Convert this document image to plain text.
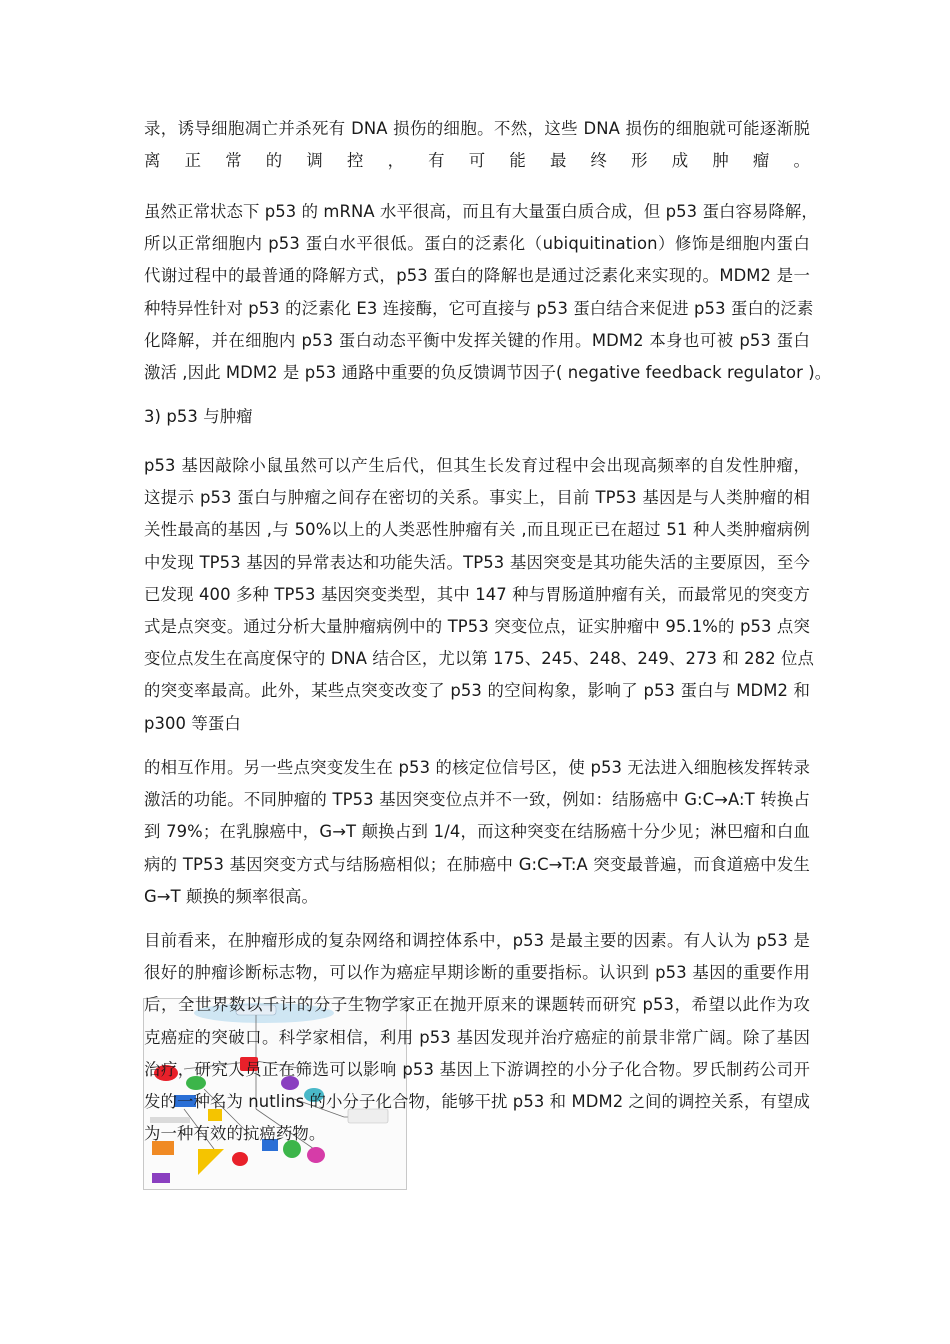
录，诱导细胞凋亡并杀死有 DNA 损伤的细胞。不然，这些 DNA 损伤的细胞就可能逐渐脱
离正常的调控，有可能最终形成肿瘤。
虽然正常状态下 p53 的 mRNA 水平很高，而且有大量蛋白质合成，但 p53 蛋白容易降解，
所以正常细胞内 p53 蛋白水平很低。蛋白的泛素化（ubiquitination）修饰是细胞内蛋白
代谢过程中的最普通的降解方式，p53 蛋白的降解也是通过泛素化来实现的。MDM2 是一
种特异性针对 p53 的泛素化 E3 连接酶，它可直接与 p53 蛋白结合来促进 p53 蛋白的泛素
化降解，并在细胞内 p53 蛋白动态平衡中发挥关键的作用。MDM2 本身也可被 p53 蛋白
激活 ,因此 MDM2 是 p53 通路中重要的负反馈调节因子( negative feedback regulator )。
3) p53 与肿瘤
p53 基因敲除小鼠虽然可以产生后代，但其生长发育过程中会出现高频率的自发性肿瘤，
这提示 p53 蛋白与肿瘤之间存在密切的关系。事实上，目前 TP53 基因是与人类肿瘤的相
关性最高的基因 ,与 50%以上的人类恶性肿瘤有关 ,而且现正已在超过 51 种人类肿瘤病例
中发现 TP53 基因的异常表达和功能失活。TP53 基因突变是其功能失活的主要原因，至今
已发现 400 多种 TP53 基因突变类型，其中 147 种与胃肠道肿瘤有关，而最常见的突变方
式是点突变。通过分析大量肿瘤病例中的 TP53 突变位点，证实肿瘤中 95.1%的 p53 点突
变位点发生在高度保守的 DNA 结合区，尤以第 175、245、248、249、273 和 282 位点
的突变率最高。此外，某些点突变改变了 p53 的空间构象，影响了 p53 蛋白与 MDM2 和
p300 等蛋白
的相互作用。另一些点突变发生在 p53 的核定位信号区，使 p53 无法进入细胞核发挥转录
激活的功能。不同肿瘤的 TP53 基因突变位点并不一致，例如：结肠癌中 G:C→A:T 转换占
到 79%；在乳腺癌中，G→T 颠换占到 1/4，而这种突变在结肠癌十分少见；淋巴瘤和白血
病的 TP53 基因突变方式与结肠癌相似；在肺癌中 G:C→T:A 突变最普遍，而食道癌中发生
G→T 颠换的频率很高。
目前看来，在肿瘤形成的复杂网络和调控体系中，p53 是最主要的因素。有人认为 p53 是
很好的肿瘤诊断标志物，可以作为癌症早期诊断的重要指标。认识到 p53 基因的重要作用
后，全世界数以千计的分子生物学家正在抛开原来的课题转而研究 p53，希望以此作为攻
克癌症的突破口。科学家相信，利用 p53 基因发现并治疗癌症的前景非常广阔。除了基因
治疗，研究人员正在筛选可以影响 p53 基因上下游调控的小分子化合物。罗氏制药公司开
发的一种名为 nutlins 的小分子化合物，能够干扰 p53 和 MDM2 之间的调控关系，有望成
为一种有效的抗癌药物。
